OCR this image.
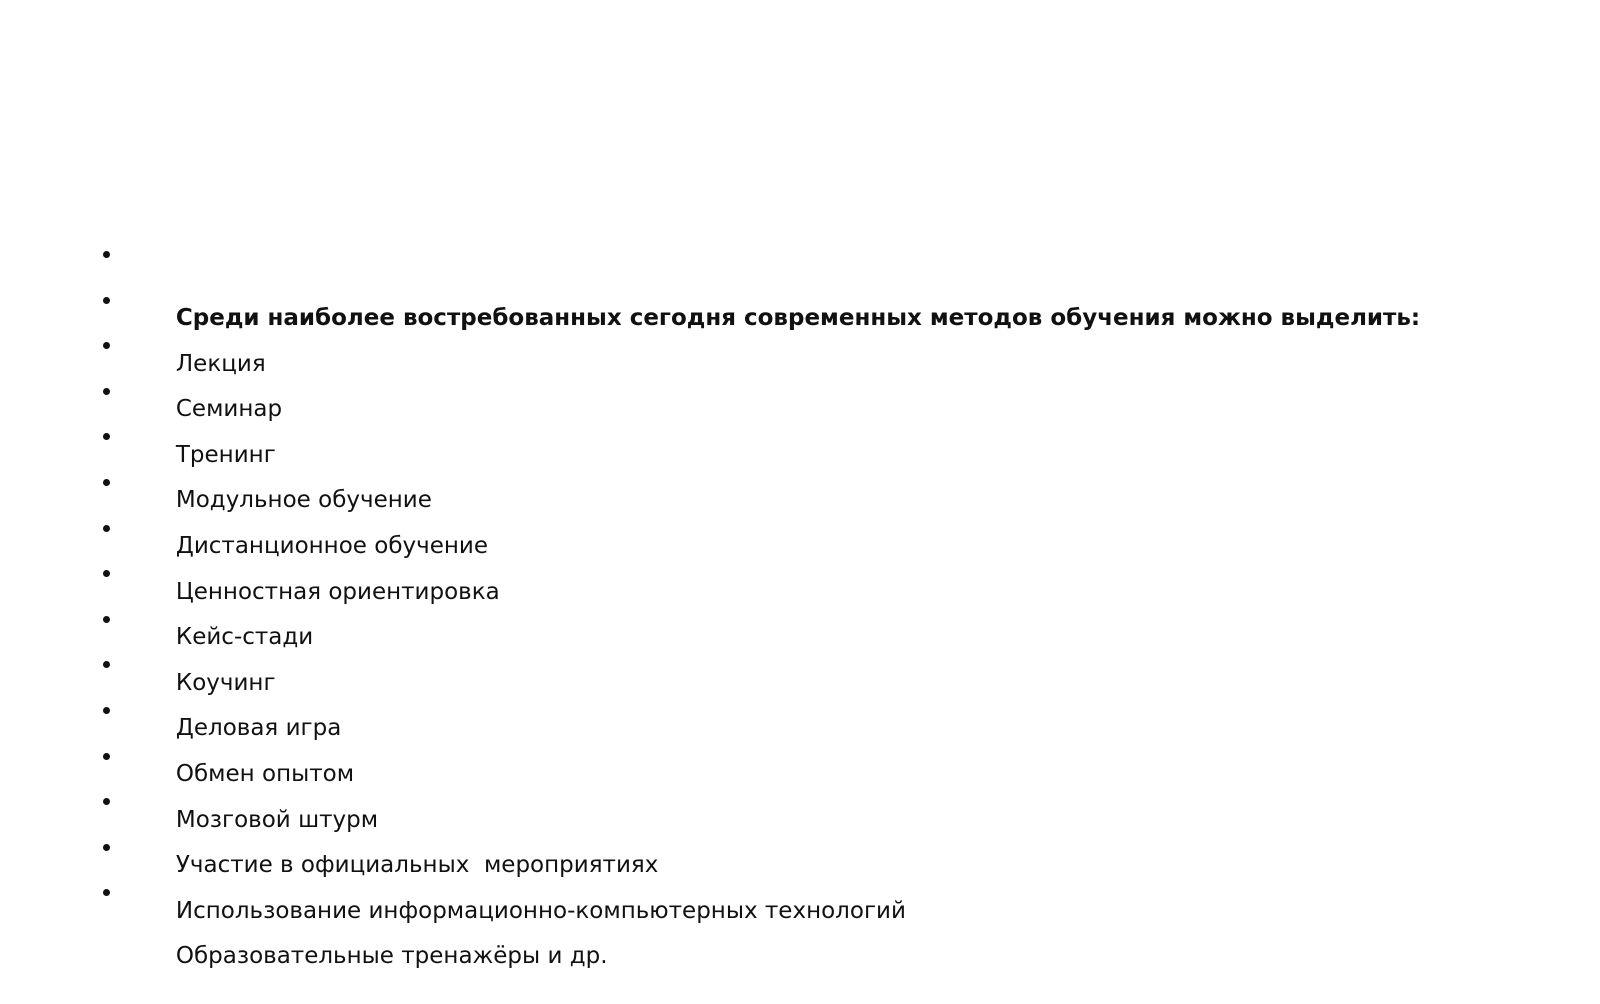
Среди наиболее востребованных сегодня современных методов обучения можно выделить:

Лекция

Семинар

Тренинг

Модульное обучение

Дистанционное обучение

Ценностная ориентировка

Кейс-стади

Коучинг

Деловая игра

Обмен опытом

Мозговой штурм

Участие в официальных  мероприятиях

Использование информационно-компьютерных технологий

Образовательные тренажёры и др.
